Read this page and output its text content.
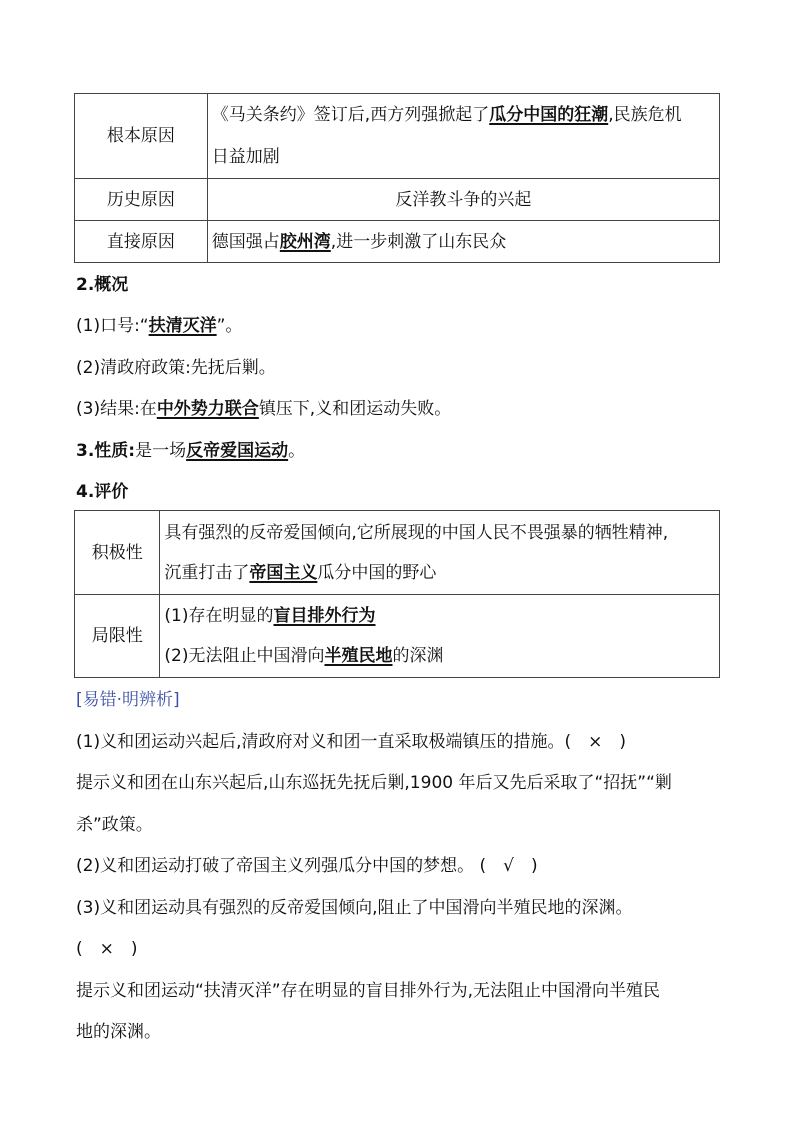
根本原因	《马关条约》签订后,西方列强掀起了瓜分中国的狂潮,民族危机
日益加剧
历史原因	反洋教斗争的兴起
直接原因	德国强占胶州湾,进一步刺激了山东民众
2.概况
(1)口号:“扶清灭洋”。
(2)清政府政策:先抚后剿。
(3)结果:在中外势力联合镇压下,义和团运动失败。
3.性质:是一场反帝爱国运动。
4.评价
积极性	具有强烈的反帝爱国倾向,它所展现的中国人民不畏强暴的牺牲精神,
沉重打击了帝国主义瓜分中国的野心
局限性	(1)存在明显的盲目排外行为
(2)无法阻止中国滑向半殖民地的深渊
[易错·明辨析]
(1)义和团运动兴起后,清政府对义和团一直采取极端镇压的措施。(　×　)
提示义和团在山东兴起后,山东巡抚先抚后剿,1900 年后又先后采取了“招抚”“剿
杀”政策。
(2)义和团运动打破了帝国主义列强瓜分中国的梦想。 (　√　)
(3)义和团运动具有强烈的反帝爱国倾向,阻止了中国滑向半殖民地的深渊。
(　×　)
提示义和团运动“扶清灭洋”存在明显的盲目排外行为,无法阻止中国滑向半殖民
地的深渊。
